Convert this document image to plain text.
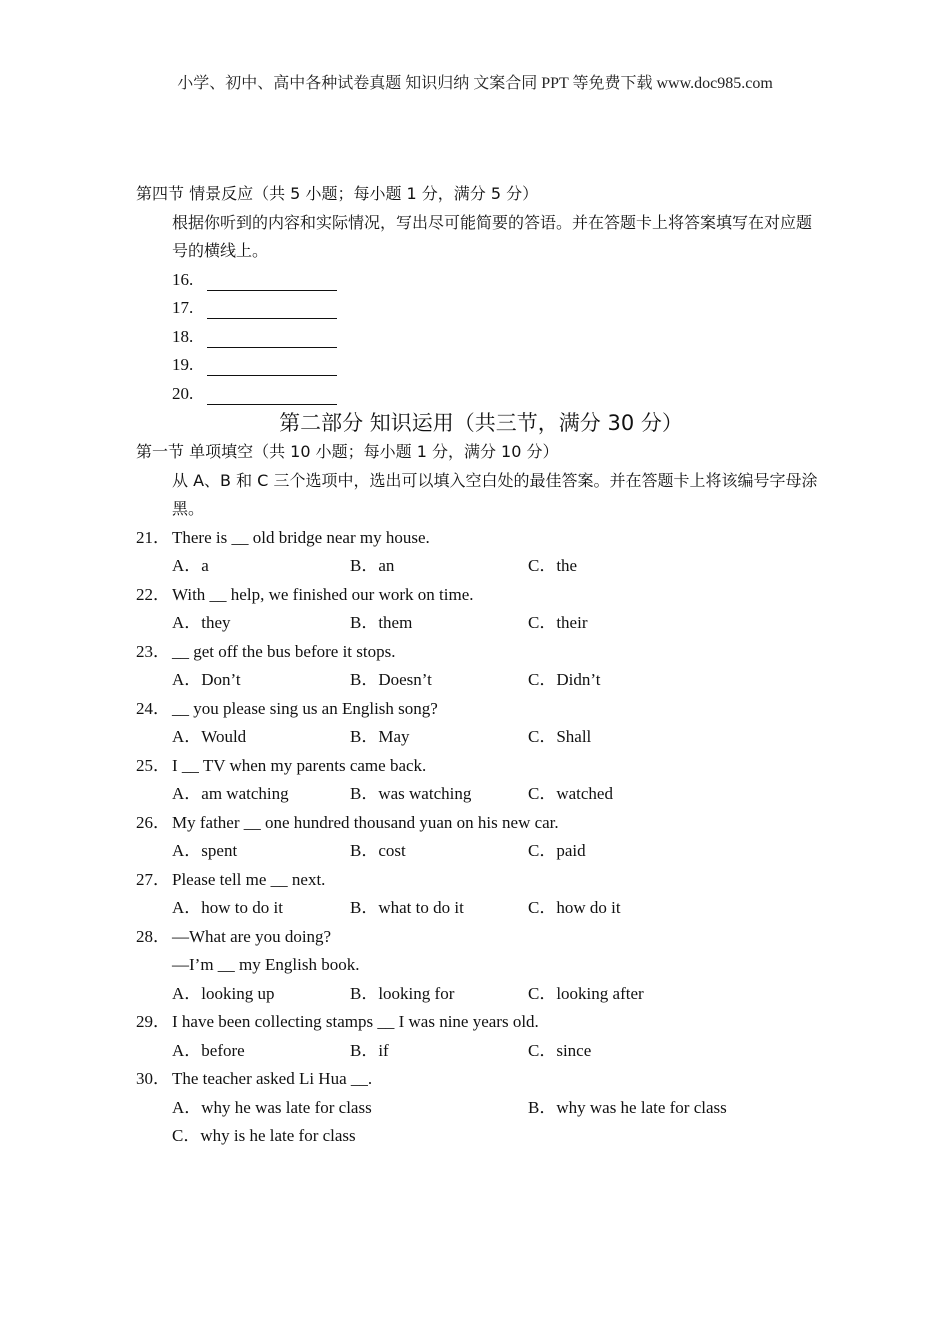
小学、初中、高中各种试卷真题 知识归纳 文案合同 PPT 等免费下载 www.doc985.com
第四节 情景反应（共 5 小题；每小题 1 分，满分 5 分）
根据你听到的内容和实际情况，写出尽可能简要的答语。并在答题卡上将答案填写在对应题号的横线上。
16.
17.
18.
19.
20.
第二部分 知识运用（共三节，满分 30 分）
第一节 单项填空（共 10 小题；每小题 1 分，满分 10 分）
从 A、B 和 C 三个选项中，选出可以填入空白处的最佳答案。并在答题卡上将该编号字母涂黑。
21． There is __ old bridge near my house.
A．a	B．an	C．the
22． With __ help, we finished our work on time.
A．they	B．them	C．their
23． __ get off the bus before it stops.
A．Don’t	B．Doesn’t	C．Didn’t
24． __ you please sing us an English song?
A．Would	B．May	C．Shall
25． I __ TV when my parents came back.
A．am watching	B．was watching	C．watched
26． My father __ one hundred thousand yuan on his new car.
A．spent	B．cost	C．paid
27． Please tell me __ next.
A．how to do it	B．what to do it	C．how do it
28． —What are you doing?
—I’m __ my English book.
A．looking up	B．looking for	C．looking after
29． I have been collecting stamps __ I was nine years old.
A．before	B．if	C．since
30． The teacher asked Li Hua __.
A．why he was late for class	B．why was he late for class
C．why is he late for class
